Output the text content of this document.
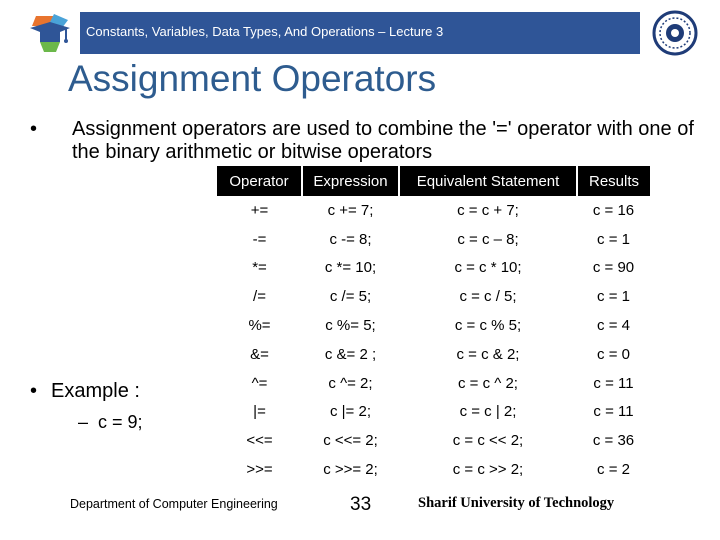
Constants, Variables, Data Types, And Operations – Lecture 3
Assignment Operators
• Assignment operators are used to combine the '=' operator with one of the binary arithmetic or bitwise operators
• Example :
– c = 9;
Operator	Expression	Equivalent Statement	Results
+=	c += 7;	c = c + 7;	c = 16
-=	c -= 8;	c = c – 8;	c = 1
*=	c *= 10;	c = c * 10;	c = 90
/=	c /= 5;	c = c / 5;	c = 1
%=	c %= 5;	c = c % 5;	c = 4
&=	c &= 2 ;	c = c & 2;	c = 0
^=	c ^= 2;	c = c ^ 2;	c = 11
|=	c |= 2;	c = c | 2;	c = 11
<<=	c <<= 2;	c = c << 2;	c = 36
>>=	c >>= 2;	c = c >> 2;	c = 2
Department of Computer Engineering	33	Sharif University of Technology
